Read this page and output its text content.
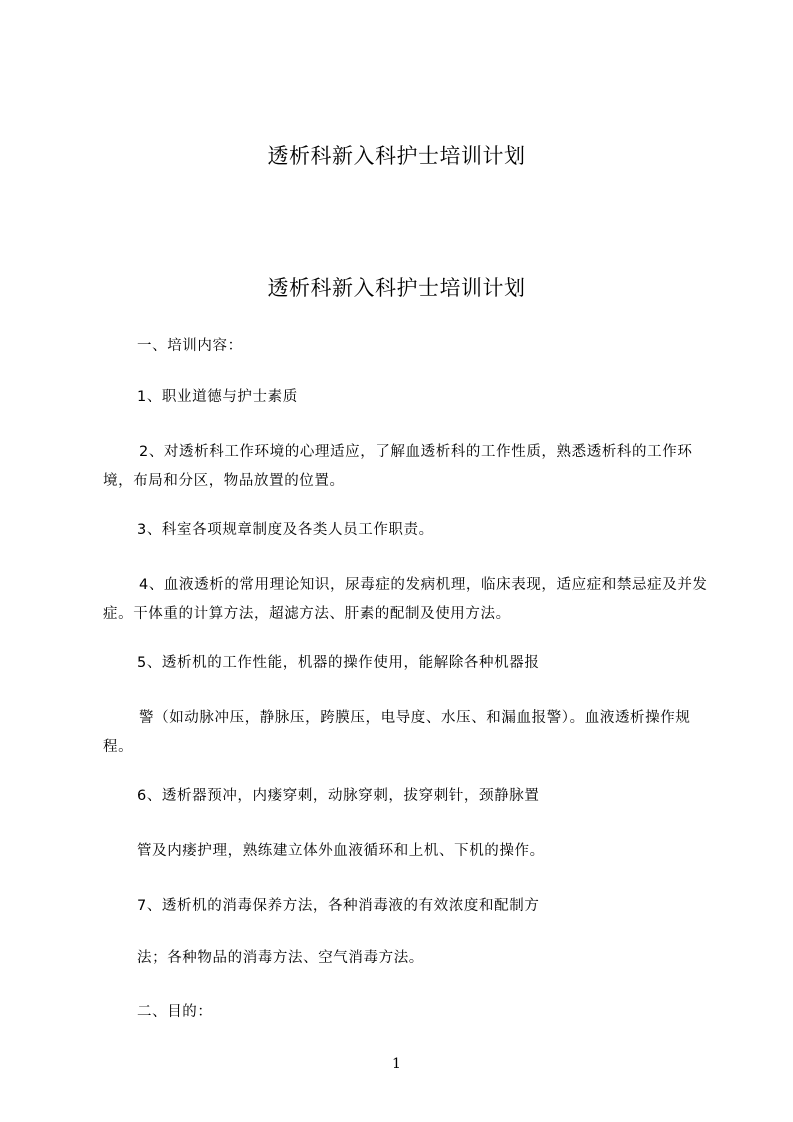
透析科新入科护士培训计划
透析科新入科护士培训计划
一、培训内容：
1、职业道德与护士素质
2、对透析科工作环境的心理适应，了解血透析科的工作性质，熟悉透析科的工作环境，布局和分区，物品放置的位置。
3、科室各项规章制度及各类人员工作职责。
4、血液透析的常用理论知识，尿毒症的发病机理，临床表现，适应症和禁忌症及并发症。干体重的计算方法，超滤方法、肝素的配制及使用方法。
5、透析机的工作性能，机器的操作使用，能解除各种机器报
警（如动脉冲压，静脉压，跨膜压，电导度、水压、和漏血报警）。血液透析操作规程。
6、透析器预冲，内瘘穿刺，动脉穿刺，拔穿刺针，颈静脉置
管及内瘘护理，熟练建立体外血液循环和上机、下机的操作。
7、透析机的消毒保养方法，各种消毒液的有效浓度和配制方
法；各种物品的消毒方法、空气消毒方法。
二、目的：
1
